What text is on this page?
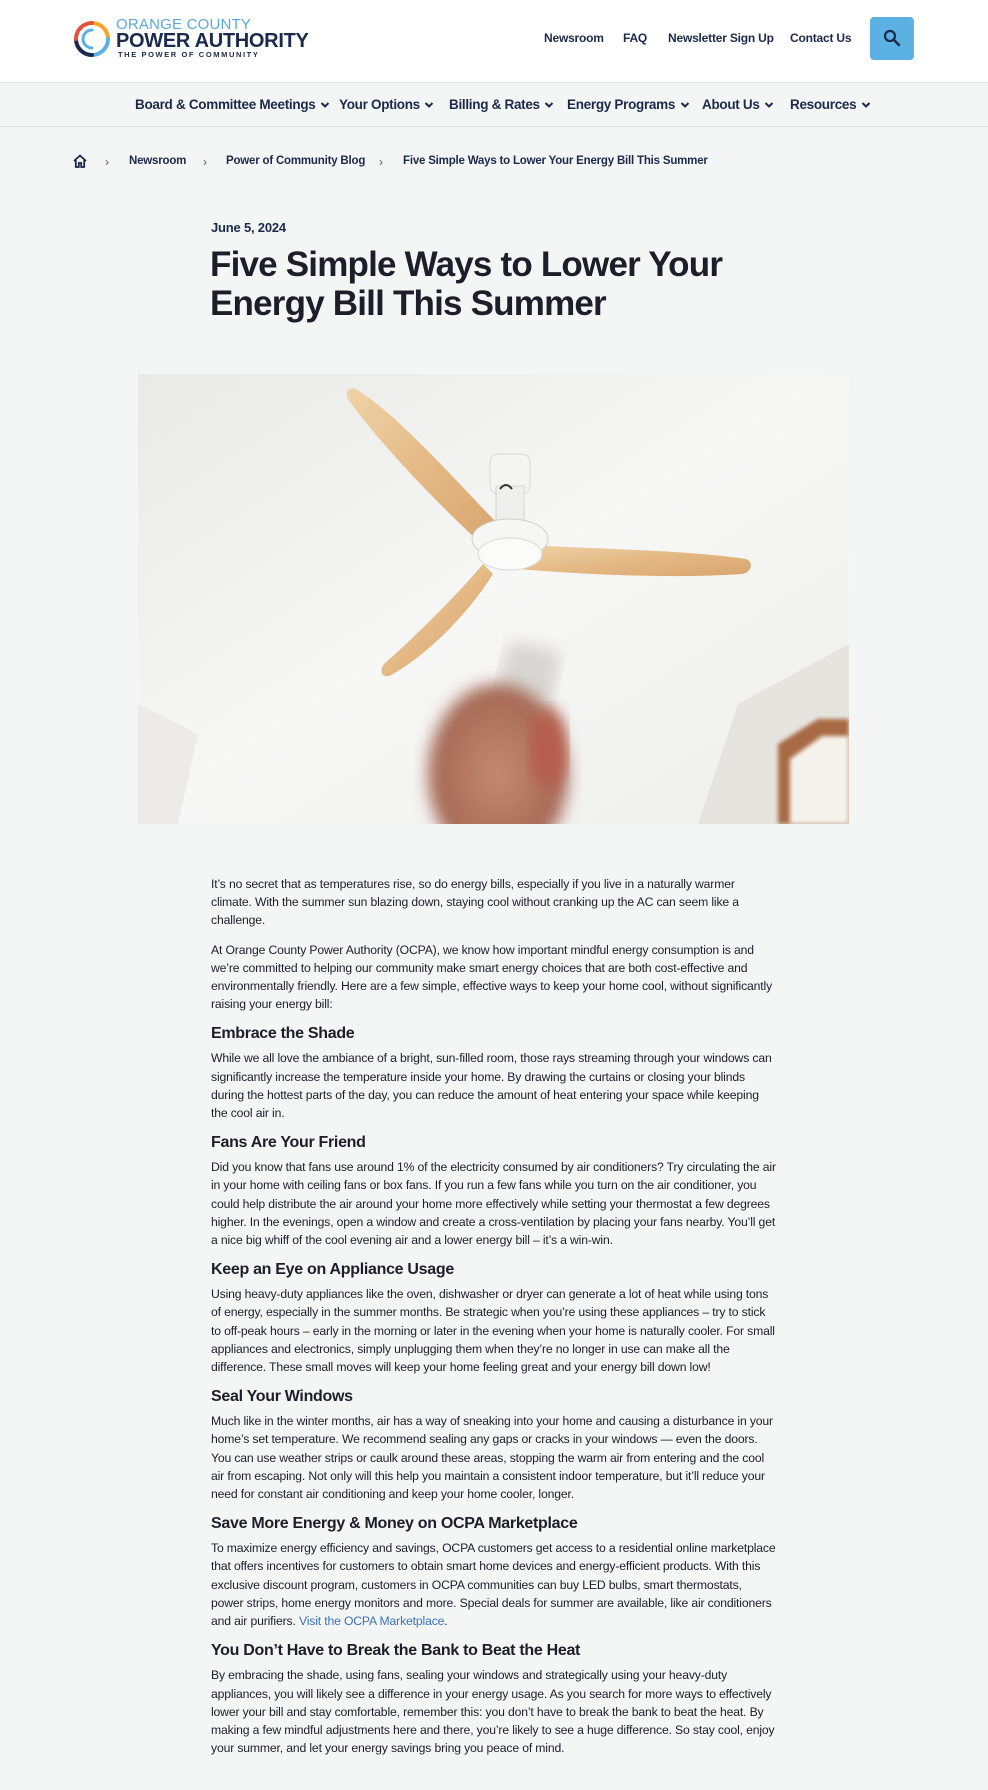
ORANGE COUNTY
POWER AUTHORITY
THE POWER OF COMMUNITY
Newsroom FAQ Newsletter Sign Up Contact Us
Board & Committee Meetings	Your Options	Billing & Rates	Energy Programs	About Us	Resources
› Newsroom › Power of Community Blog › Five Simple Ways to Lower Your Energy Bill This Summer
June 5, 2024
Five Simple Ways to Lower Your Energy Bill This Summer

It’s no secret that as temperatures rise, so do energy bills, especially if you live in a naturally warmer climate. With the summer sun blazing down, staying cool without cranking up the AC can seem like a challenge.

At Orange County Power Authority (OCPA), we know how important mindful energy consumption is and we’re committed to helping our community make smart energy choices that are both cost-effective and environmentally friendly. Here are a few simple, effective ways to keep your home cool, without significantly raising your energy bill:

Embrace the Shade

While we all love the ambiance of a bright, sun-filled room, those rays streaming through your windows can significantly increase the temperature inside your home. By drawing the curtains or closing your blinds during the hottest parts of the day, you can reduce the amount of heat entering your space while keeping the cool air in.

Fans Are Your Friend

Did you know that fans use around 1% of the electricity consumed by air conditioners? Try circulating the air in your home with ceiling fans or box fans. If you run a few fans while you turn on the air conditioner, you could help distribute the air around your home more effectively while setting your thermostat a few degrees higher. In the evenings, open a window and create a cross-ventilation by placing your fans nearby. You’ll get a nice big whiff of the cool evening air and a lower energy bill – it’s a win-win.

Keep an Eye on Appliance Usage

Using heavy-duty appliances like the oven, dishwasher or dryer can generate a lot of heat while using tons of energy, especially in the summer months. Be strategic when you’re using these appliances – try to stick to off-peak hours – early in the morning or later in the evening when your home is naturally cooler. For small appliances and electronics, simply unplugging them when they’re no longer in use can make all the difference. These small moves will keep your home feeling great and your energy bill down low!

Seal Your Windows

Much like in the winter months, air has a way of sneaking into your home and causing a disturbance in your home’s set temperature. We recommend sealing any gaps or cracks in your windows — even the doors. You can use weather strips or caulk around these areas, stopping the warm air from entering and the cool air from escaping. Not only will this help you maintain a consistent indoor temperature, but it’ll reduce your need for constant air conditioning and keep your home cooler, longer.

Save More Energy & Money on OCPA Marketplace

To maximize energy efficiency and savings, OCPA customers get access to a residential online marketplace that offers incentives for customers to obtain smart home devices and energy-efficient products. With this exclusive discount program, customers in OCPA communities can buy LED bulbs, smart thermostats, power strips, home energy monitors and more. Special deals for summer are available, like air conditioners and air purifiers. Visit the OCPA Marketplace.

You Don’t Have to Break the Bank to Beat the Heat

By embracing the shade, using fans, sealing your windows and strategically using your heavy-duty appliances, you will likely see a difference in your energy usage. As you search for more ways to effectively lower your bill and stay comfortable, remember this: you don’t have to break the bank to beat the heat. By making a few mindful adjustments here and there, you’re likely to see a huge difference. So stay cool, enjoy your summer, and let your energy savings bring you peace of mind.
